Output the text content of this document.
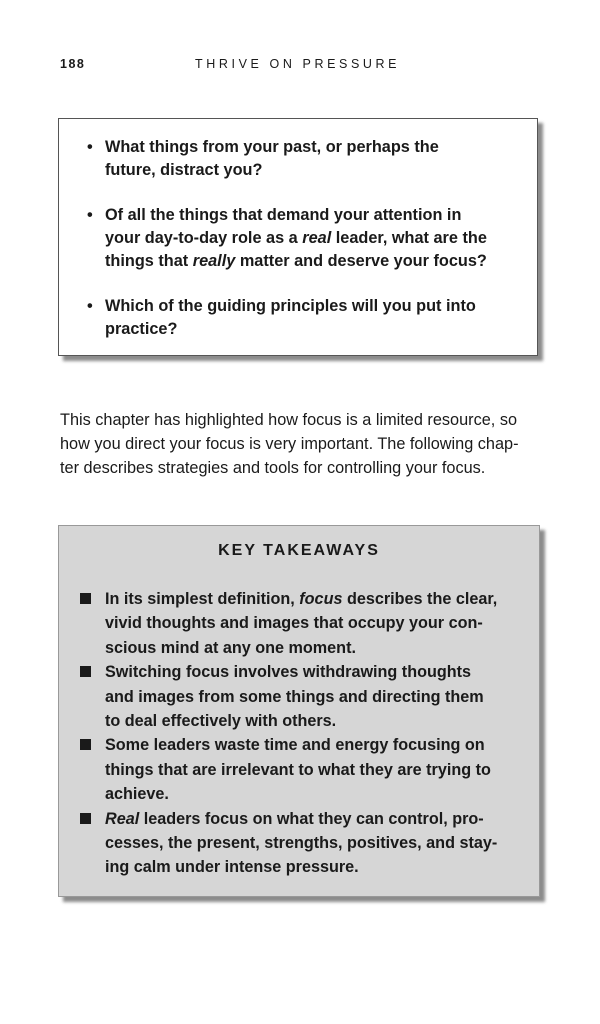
188	THRIVE ON PRESSURE
• What things from your past, or perhaps the
future, distract you?
• Of all the things that demand your attention in
your day-to-day role as a real leader, what are the
things that really matter and deserve your focus?
• Which of the guiding principles will you put into
practice?

This chapter has highlighted how focus is a limited resource, so
how you direct your focus is very important. The following chap-
ter describes strategies and tools for controlling your focus.

KEY TAKEAWAYS
In its simplest definition, focus describes the clear,
vivid thoughts and images that occupy your con-
scious mind at any one moment.
Switching focus involves withdrawing thoughts
and images from some things and directing them
to deal effectively with others.
Some leaders waste time and energy focusing on
things that are irrelevant to what they are trying to
achieve.
Real leaders focus on what they can control, pro-
cesses, the present, strengths, positives, and stay-
ing calm under intense pressure.
